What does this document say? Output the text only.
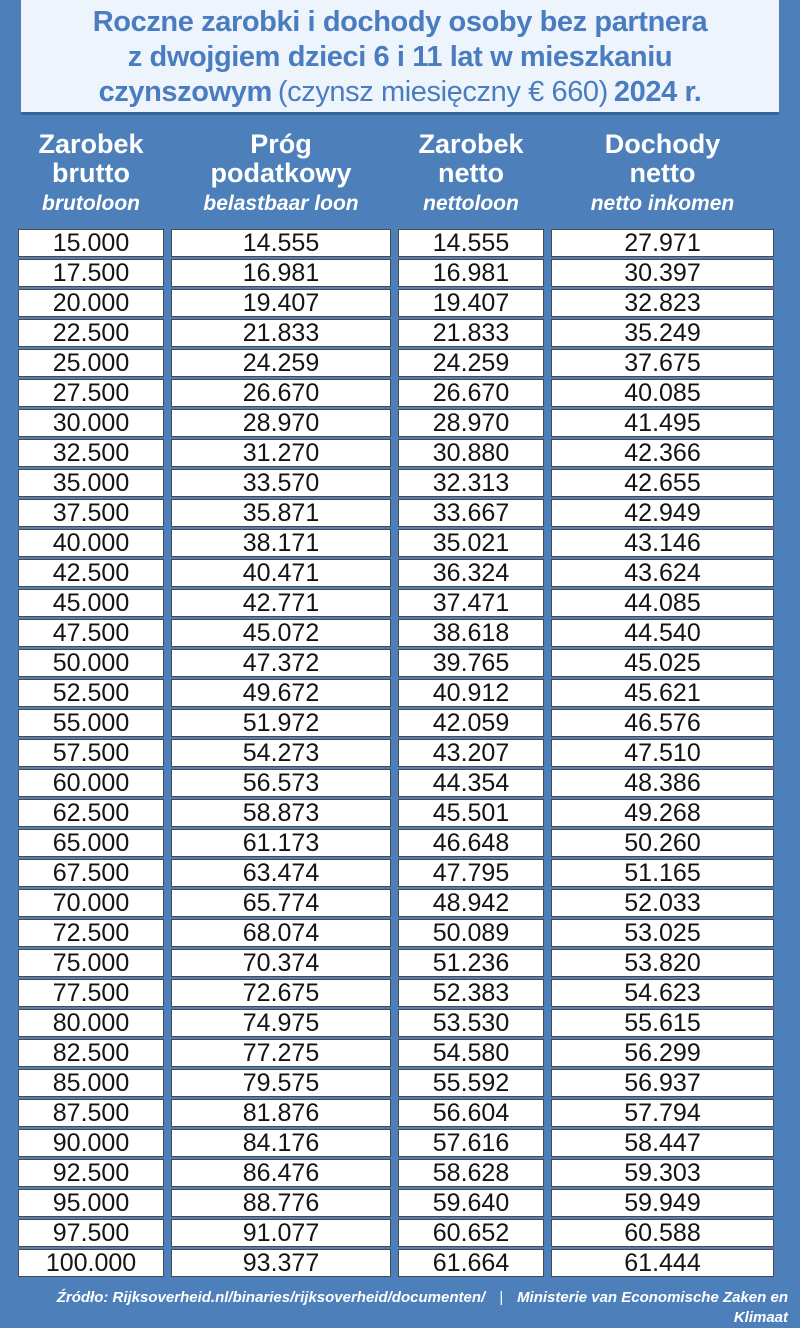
Roczne zarobki i dochody osoby bez partnera
z dwojgiem dzieci 6 i 11 lat w mieszkaniu
czynszowym (czynsz miesięczny € 660) 2024 r.
Zarobek
brutto
brutoloon

Próg
podatkowy
belastbaar loon

Zarobek
netto
nettoloon

Dochody
netto
netto inkomen

15.000	14.555	14.555	27.971
17.500	16.981	16.981	30.397
20.000	19.407	19.407	32.823
22.500	21.833	21.833	35.249
25.000	24.259	24.259	37.675
27.500	26.670	26.670	40.085
30.000	28.970	28.970	41.495
32.500	31.270	30.880	42.366
35.000	33.570	32.313	42.655
37.500	35.871	33.667	42.949
40.000	38.171	35.021	43.146
42.500	40.471	36.324	43.624
45.000	42.771	37.471	44.085
47.500	45.072	38.618	44.540
50.000	47.372	39.765	45.025
52.500	49.672	40.912	45.621
55.000	51.972	42.059	46.576
57.500	54.273	43.207	47.510
60.000	56.573	44.354	48.386
62.500	58.873	45.501	49.268
65.000	61.173	46.648	50.260
67.500	63.474	47.795	51.165
70.000	65.774	48.942	52.033
72.500	68.074	50.089	53.025
75.000	70.374	51.236	53.820
77.500	72.675	52.383	54.623
80.000	74.975	53.530	55.615
82.500	77.275	54.580	56.299
85.000	79.575	55.592	56.937
87.500	81.876	56.604	57.794
90.000	84.176	57.616	58.447
92.500	86.476	58.628	59.303
95.000	88.776	59.640	59.949
97.500	91.077	60.652	60.588
100.000	93.377	61.664	61.444
Źródło: Rijksoverheid.nl/binaries/rijksoverheid/documenten/ | Ministerie van Economische Zaken en Klimaat
